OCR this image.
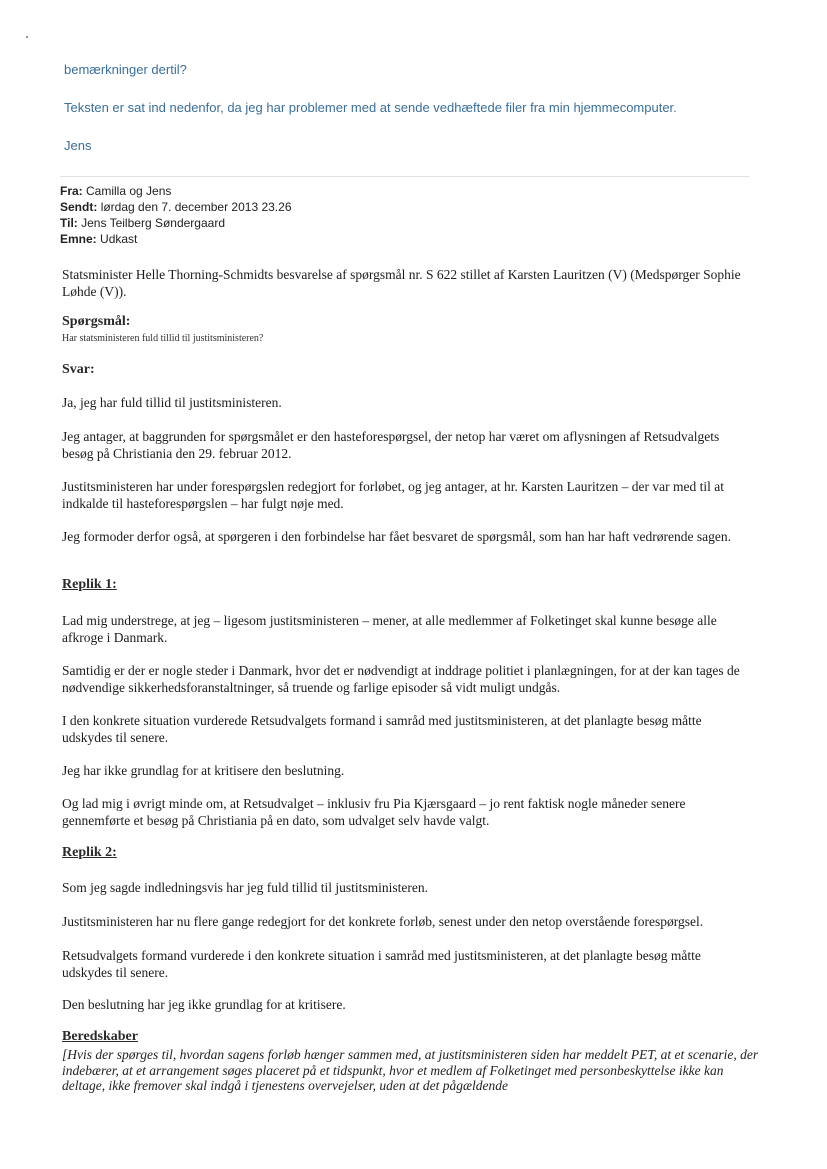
bemærkninger dertil?
Teksten er sat ind nedenfor, da jeg har problemer med at sende vedhæftede filer fra min hjemmecomputer.
Jens
Fra: Camilla og Jens
Sendt: lørdag den 7. december 2013 23.26
Til: Jens Teilberg Søndergaard
Emne: Udkast
Statsminister Helle Thorning-Schmidts besvarelse af spørgsmål nr. S 622 stillet af Karsten Lauritzen (V) (Medspørger Sophie Løhde (V)).
Spørgsmål:
Har statsministeren fuld tillid til justitsministeren?
Svar:
Ja, jeg har fuld tillid til justitsministeren.
Jeg antager, at baggrunden for spørgsmålet er den hasteforespørgsel, der netop har været om aflysningen af Retsudvalgets besøg på Christiania den 29. februar 2012.
Justitsministeren har under forespørgslen redegjort for forløbet, og jeg antager, at hr. Karsten Lauritzen – der var med til at indkalde til hasteforespørgslen – har fulgt nøje med.
Jeg formoder derfor også, at spørgeren i den forbindelse har fået besvaret de spørgsmål, som han har haft vedrørende sagen.
Replik 1:
Lad mig understrege, at jeg – ligesom justitsministeren – mener, at alle medlemmer af Folketinget skal kunne besøge alle afkroge i Danmark.
Samtidig er der er nogle steder i Danmark, hvor det er nødvendigt at inddrage politiet i planlægningen, for at der kan tages de nødvendige sikkerhedsforanstaltninger, så truende og farlige episoder så vidt muligt undgås.
I den konkrete situation vurderede Retsudvalgets formand i samråd med justitsministeren, at det planlagte besøg måtte udskydes til senere.
Jeg har ikke grundlag for at kritisere den beslutning.
Og lad mig i øvrigt minde om, at Retsudvalget – inklusiv fru Pia Kjærsgaard – jo rent faktisk nogle måneder senere gennemførte et besøg på Christiania på en dato, som udvalget selv havde valgt.
Replik 2:
Som jeg sagde indledningsvis har jeg fuld tillid til justitsministeren.
Justitsministeren har nu flere gange redegjort for det konkrete forløb, senest under den netop overstående forespørgsel.
Retsudvalgets formand vurderede i den konkrete situation i samråd med justitsministeren, at det planlagte besøg måtte udskydes til senere.
Den beslutning har jeg ikke grundlag for at kritisere.
Beredskaber
[Hvis der spørges til, hvordan sagens forløb hænger sammen med, at justitsministeren siden har meddelt PET, at et scenarie, der indebærer, at et arrangement søges placeret på et tidspunkt, hvor et medlem af Folketinget med personbeskyttelse ikke kan deltage, ikke fremover skal indgå i tjenestens overvejelser, uden at det pågældende
